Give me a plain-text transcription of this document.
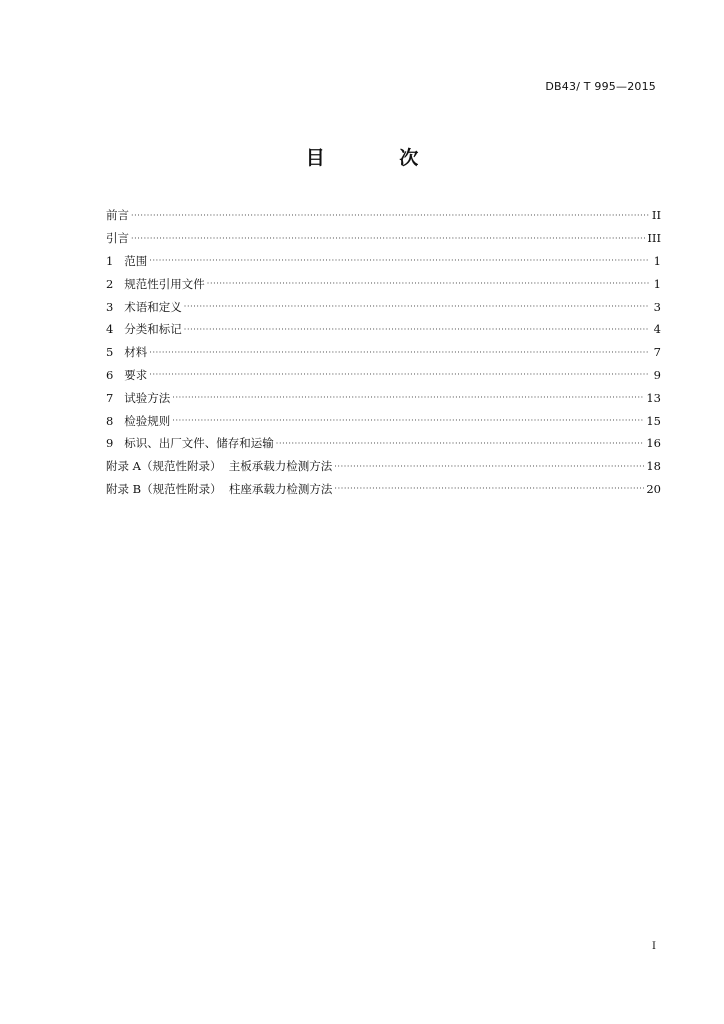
DB43/ T 995—2015
目 次
前言 ·····	II
引言 ·····	III
1   范围 ·····	1
2   规范性引用文件 ·····	1
3   术语和定义 ·····	3
4   分类和标记 ·····	4
5   材料 ·····	7
6   要求 ·····	9
7   试验方法 ·····	13
8   检验规则 ·····	15
9   标识、出厂文件、储存和运输 ·····	16
附录 A（规范性附录）  主板承载力检测方法 ·····	18
附录 B（规范性附录）  柱座承载力检测方法 ·····	20
I
